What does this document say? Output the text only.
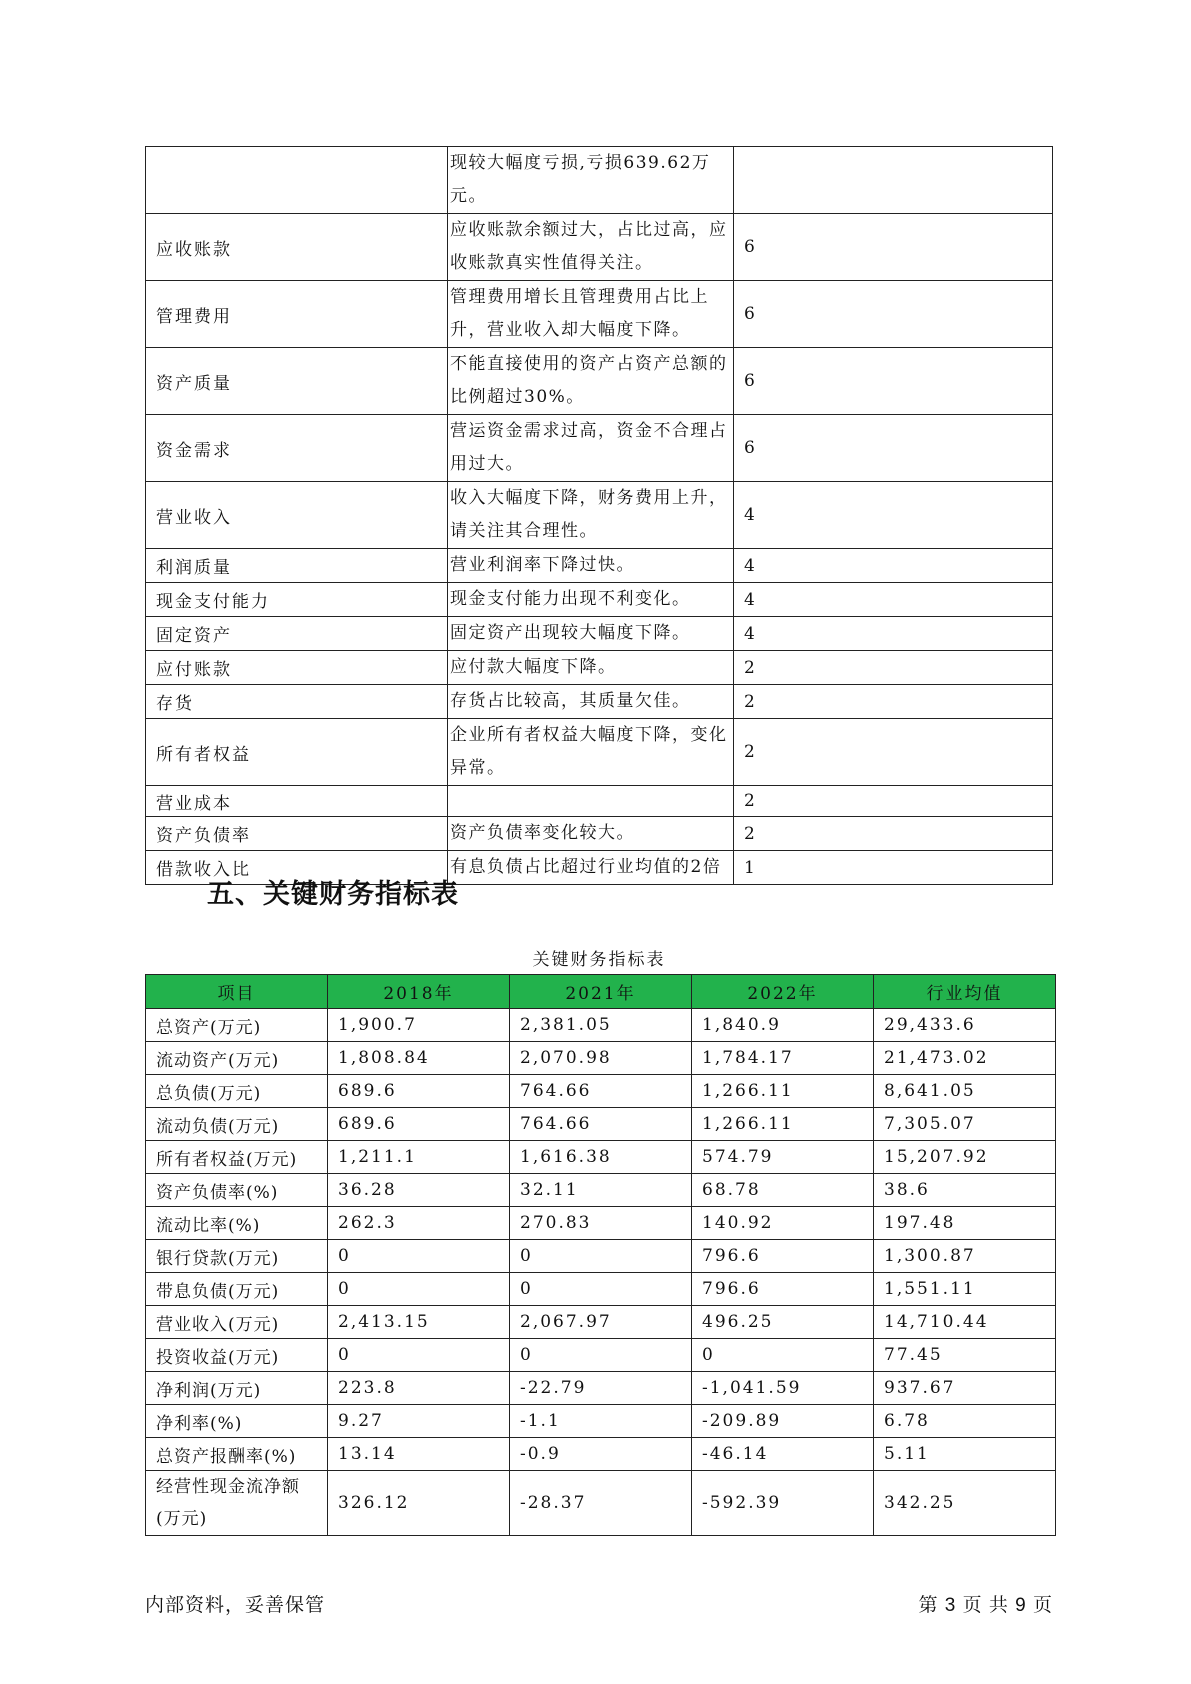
	现较大幅度亏损,亏损639.62万元。	
应收账款	应收账款余额过大，占比过高，应收账款真实性值得关注。	6
管理费用	管理费用增长且管理费用占比上升，营业收入却大幅度下降。	6
资产质量	不能直接使用的资产占资产总额的比例超过30%。	6
资金需求	营运资金需求过高，资金不合理占用过大。	6
营业收入	收入大幅度下降，财务费用上升，请关注其合理性。	4
利润质量	营业利润率下降过快。	4
现金支付能力	现金支付能力出现不利变化。	4
固定资产	固定资产出现较大幅度下降。	4
应付账款	应付款大幅度下降。	2
存货	存货占比较高，其质量欠佳。	2
所有者权益	企业所有者权益大幅度下降，变化异常。	2
营业成本		2
资产负债率	资产负债率变化较大。	2
借款收入比	有息负债占比超过行业均值的2倍	1
五、关键财务指标表
关键财务指标表
项目	2018年	2021年	2022年	行业均值
总资产(万元)	1,900.7	2,381.05	1,840.9	29,433.6
流动资产(万元)	1,808.84	2,070.98	1,784.17	21,473.02
总负债(万元)	689.6	764.66	1,266.11	8,641.05
流动负债(万元)	689.6	764.66	1,266.11	7,305.07
所有者权益(万元)	1,211.1	1,616.38	574.79	15,207.92
资产负债率(%)	36.28	32.11	68.78	38.6
流动比率(%)	262.3	270.83	140.92	197.48
银行贷款(万元)	0	0	796.6	1,300.87
带息负债(万元)	0	0	796.6	1,551.11
营业收入(万元)	2,413.15	2,067.97	496.25	14,710.44
投资收益(万元)	0	0	0	77.45
净利润(万元)	223.8	-22.79	-1,041.59	937.67
净利率(%)	9.27	-1.1	-209.89	6.78
总资产报酬率(%)	13.14	-0.9	-46.14	5.11
经营性现金流净额(万元)	326.12	-28.37	-592.39	342.25
内部资料，妥善保管	第 3 页 共 9 页
